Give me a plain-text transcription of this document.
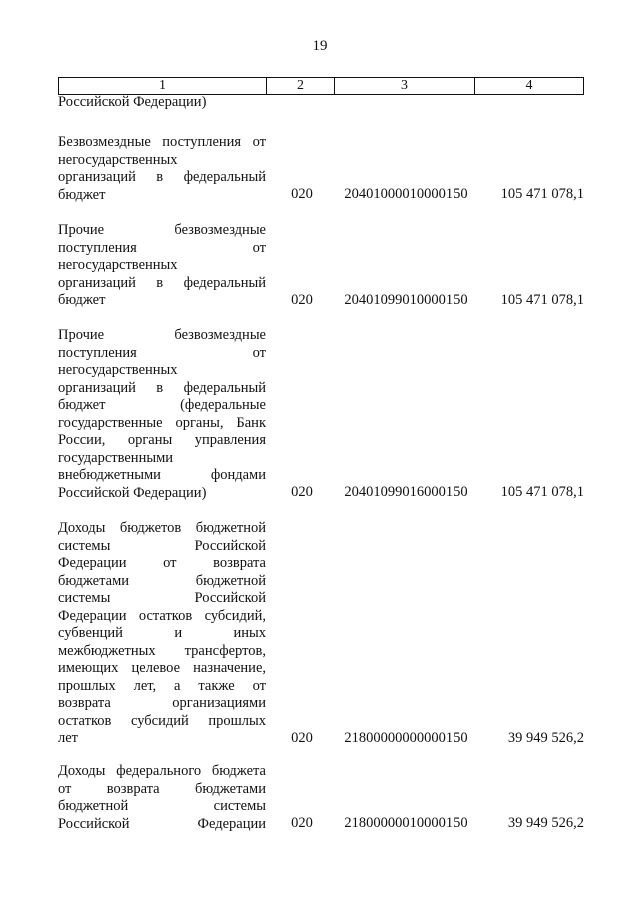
19
1	2	3	4
Российской Федерации)
Безвозмездные поступления от
негосударственных
организаций в федеральный
бюджет	020	20401000010000150	105 471 078,1
Прочие безвозмездные
поступления от
негосударственных
организаций в федеральный
бюджет	020	20401099010000150	105 471 078,1
Прочие безвозмездные
поступления от
негосударственных
организаций в федеральный
бюджет (федеральные
государственные органы, Банк
России, органы управления
государственными
внебюджетными фондами
Российской Федерации)	020	20401099016000150	105 471 078,1
Доходы бюджетов бюджетной
системы Российской
Федерации от возврата
бюджетами бюджетной
системы Российской
Федерации остатков субсидий,
субвенций и иных
межбюджетных трансфертов,
имеющих целевое назначение,
прошлых лет, а также от
возврата организациями
остатков субсидий прошлых
лет	020	21800000000000150	39 949 526,2
Доходы федерального бюджета
от возврата бюджетами
бюджетной системы
Российской Федерации	020	21800000010000150	39 949 526,2
